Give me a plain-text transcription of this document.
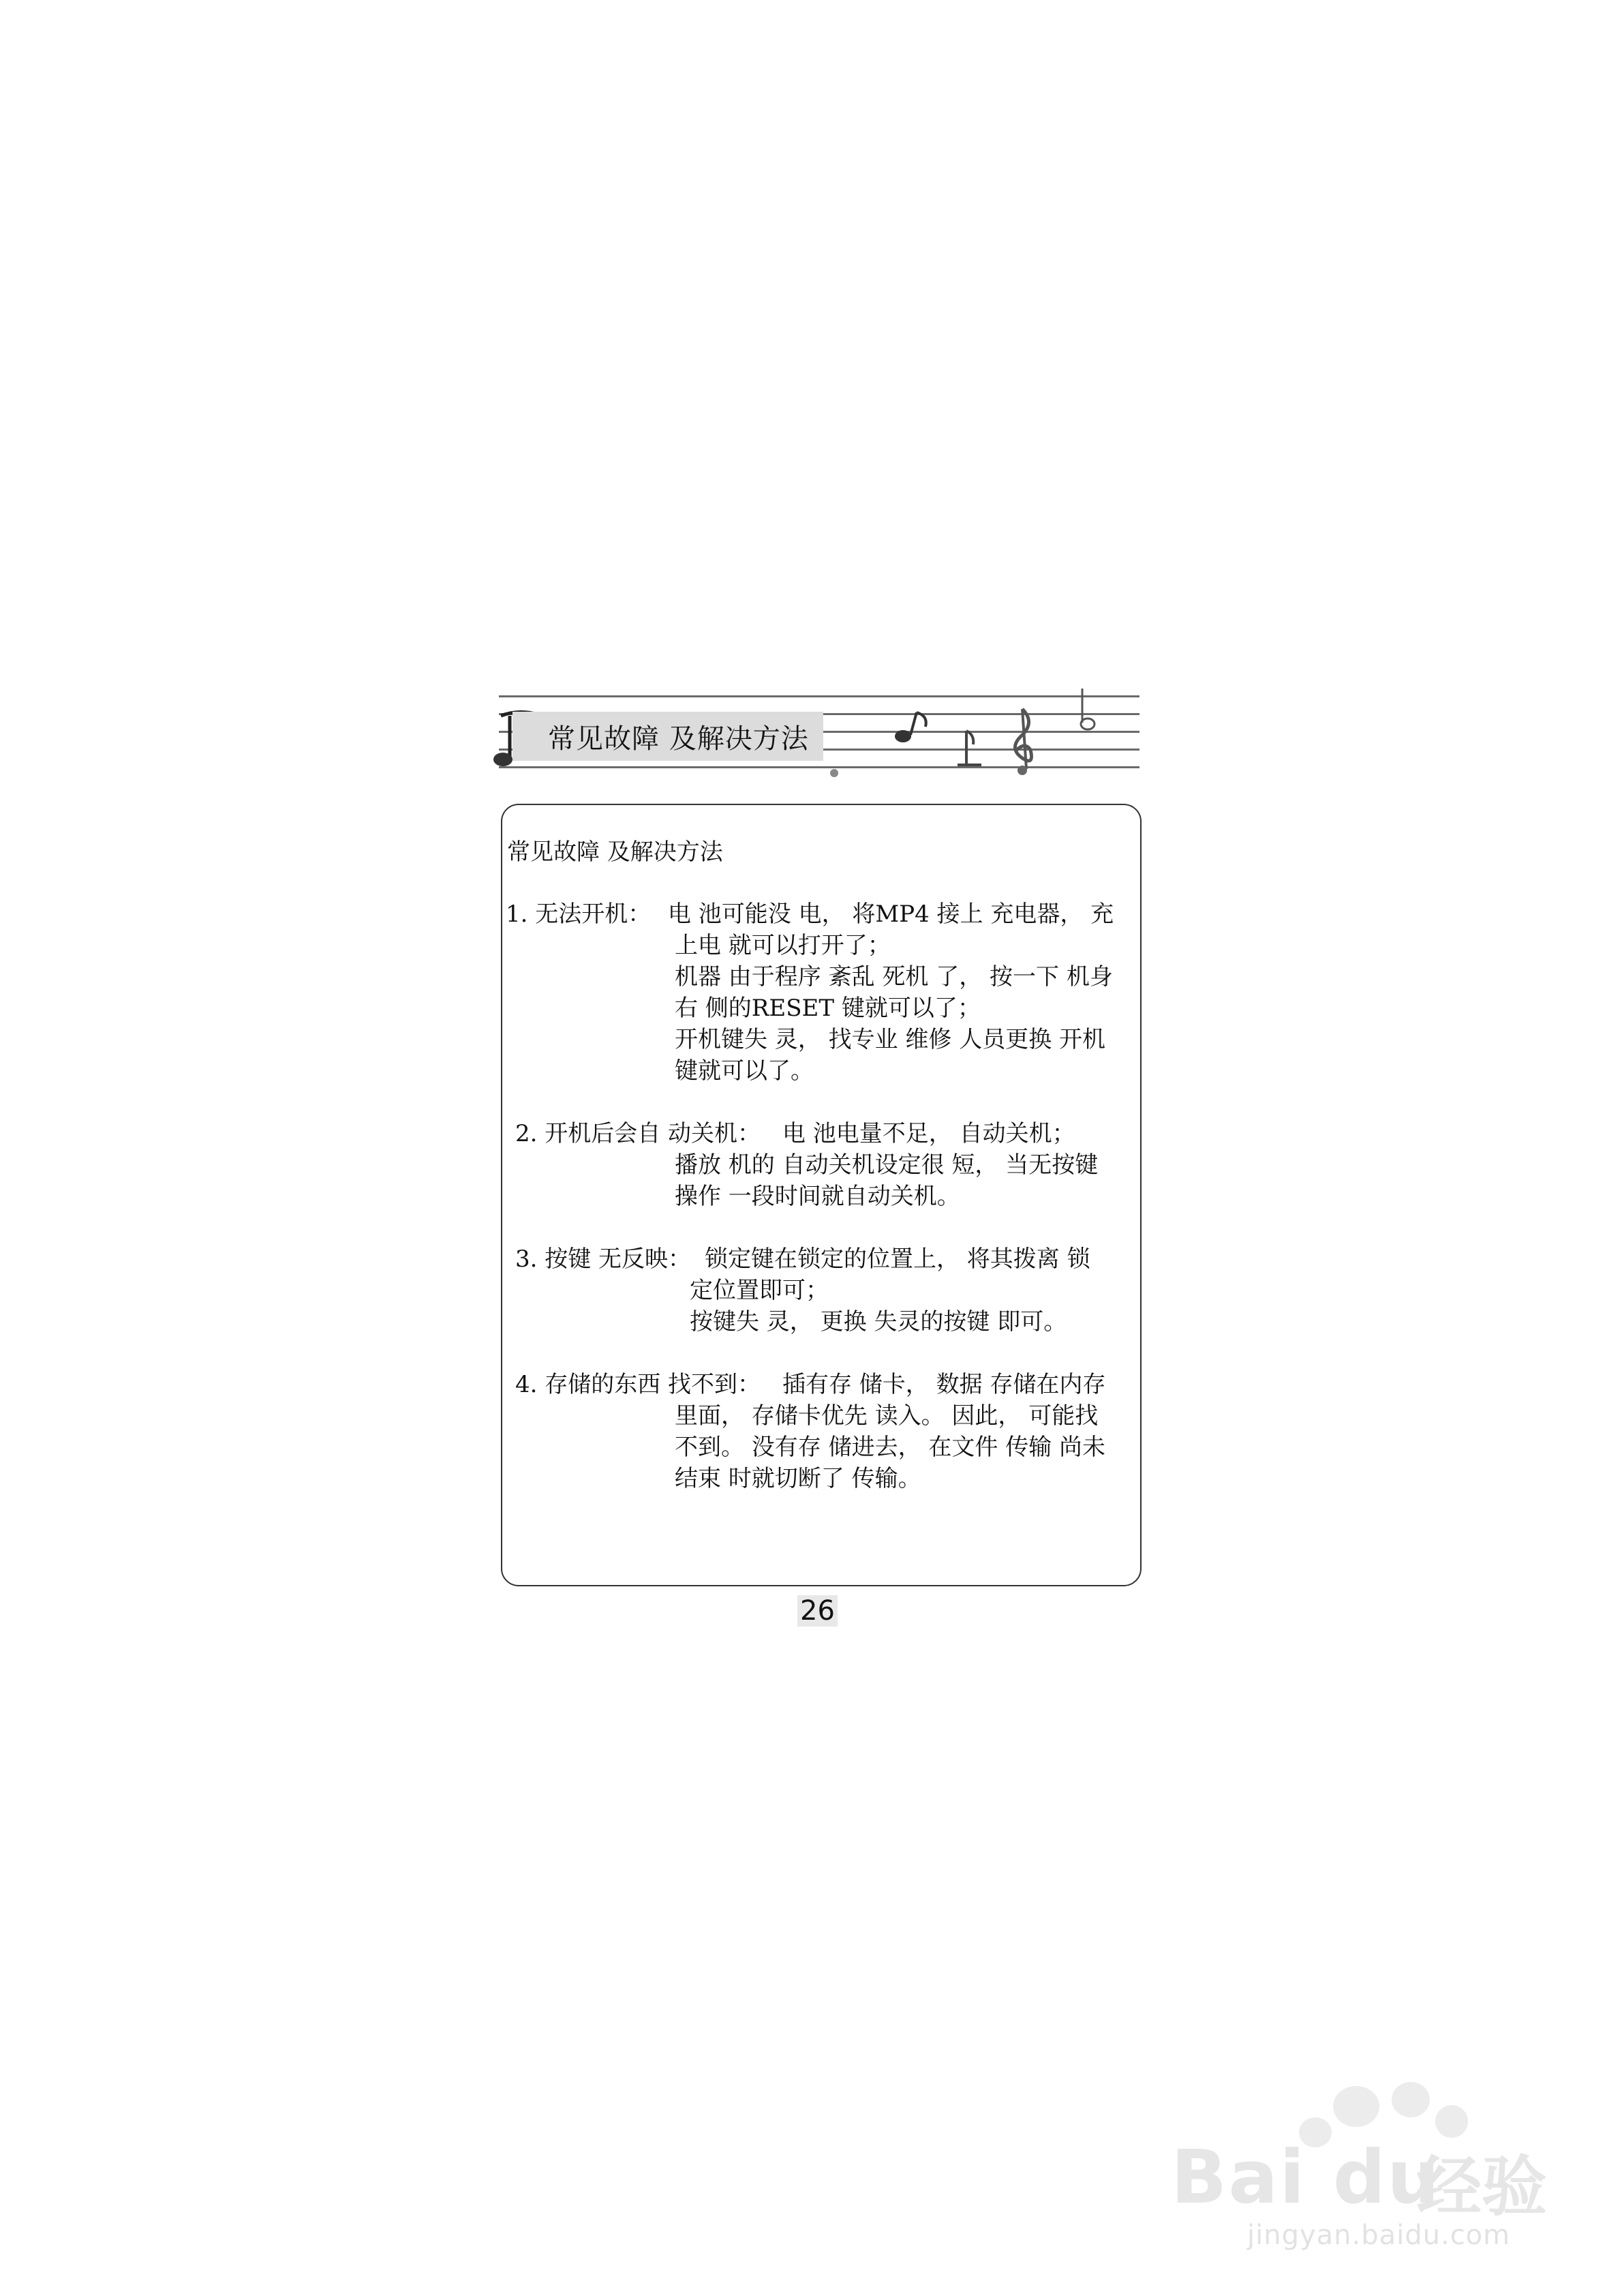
常见故障 及解决方法
常见故障 及解决方法

1. 无法开机：

电 池可能没 电， 将MP4 接上 充电器， 充

上电 就可以打开了；

机器 由于程序 紊乱 死机 了， 按一下 机身

右 侧的RESET 键就可以了；

开机键失 灵， 找专业 维修 人员更换 开机

键就可以了。

2. 开机后会自 动关机：

电 池电量不足， 自动关机；

播放 机的 自动关机设定很 短， 当无按键

操作 一段时间就自动关机。

3. 按键 无反映：

锁定键在锁定的位置上， 将其拨离 锁

定位置即可；

按键失 灵， 更换 失灵的按键 即可。

4. 存储的东西 找不到：

插有存 储卡， 数据 存储在内存

里面， 存储卡优先 读入。 因此， 可能找

不到。 没有存 储进去， 在文件 传输 尚未

结束 时就切断了 传输。

26
Bai du
经验
jingyan.baidu.com
